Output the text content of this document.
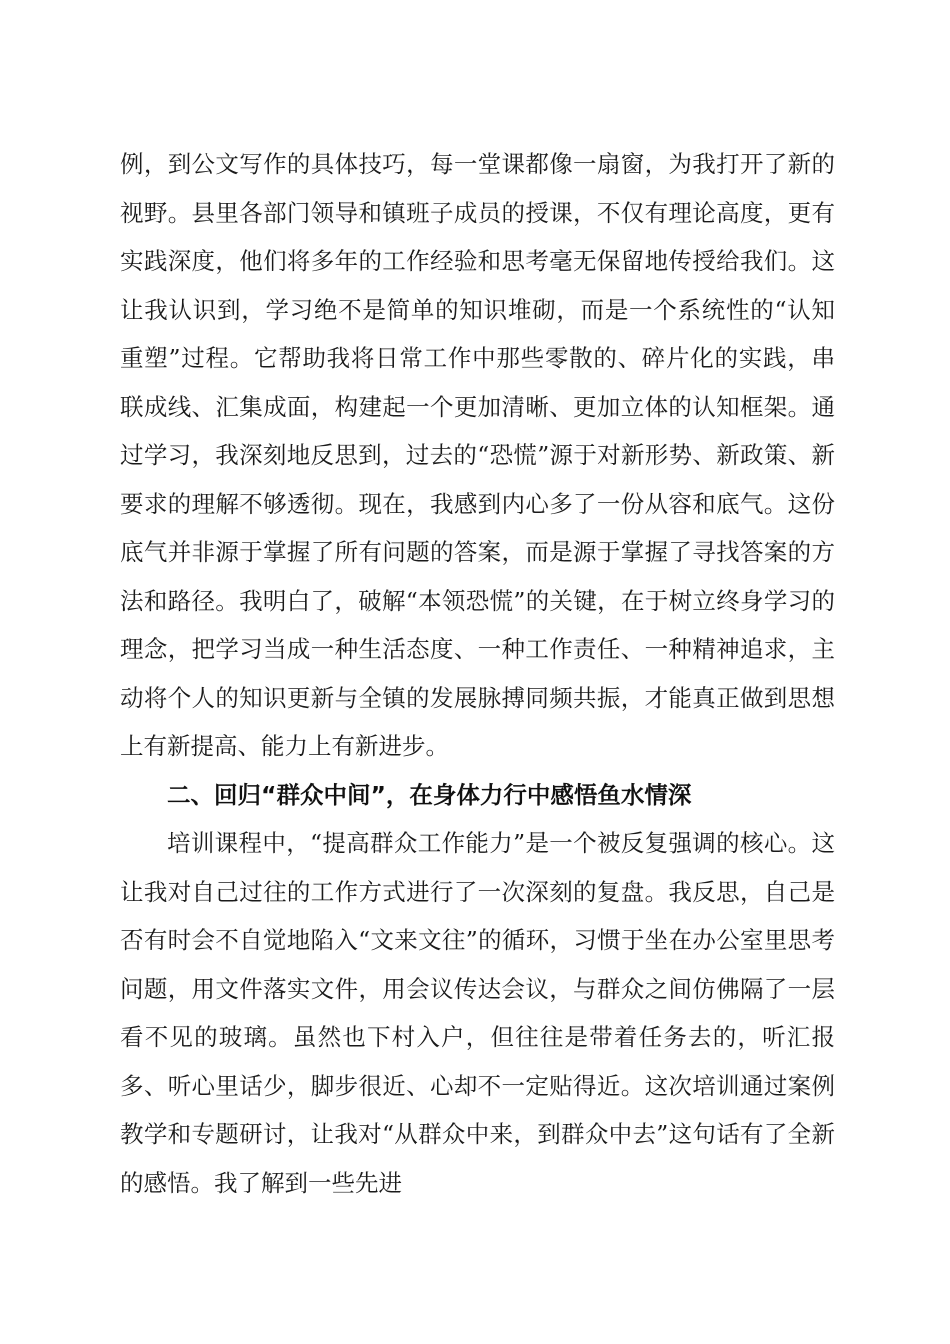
例，到公文写作的具体技巧，每一堂课都像一扇窗，为我打开了新的视野。县里各部门领导和镇班子成员的授课，不仅有理论高度，更有实践深度，他们将多年的工作经验和思考毫无保留地传授给我们。这让我认识到，学习绝不是简单的知识堆砌，而是一个系统性的“认知重塑”过程。它帮助我将日常工作中那些零散的、碎片化的实践，串联成线、汇集成面，构建起一个更加清晰、更加立体的认知框架。通过学习，我深刻地反思到，过去的“恐慌”源于对新形势、新政策、新要求的理解不够透彻。现在，我感到内心多了一份从容和底气。这份底气并非源于掌握了所有问题的答案，而是源于掌握了寻找答案的方法和路径。我明白了，破解“本领恐慌”的关键，在于树立终身学习的理念，把学习当成一种生活态度、一种工作责任、一种精神追求，主动将个人的知识更新与全镇的发展脉搏同频共振，才能真正做到思想上有新提高、能力上有新进步。

二、回归“群众中间”，在身体力行中感悟鱼水情深

培训课程中，“提高群众工作能力”是一个被反复强调的核心。这让我对自己过往的工作方式进行了一次深刻的复盘。我反思，自己是否有时会不自觉地陷入“文来文往”的循环，习惯于坐在办公室里思考问题，用文件落实文件，用会议传达会议，与群众之间仿佛隔了一层看不见的玻璃。虽然也下村入户，但往往是带着任务去的，听汇报多、听心里话少，脚步很近、心却不一定贴得近。这次培训通过案例教学和专题研讨，让我对“从群众中来，到群众中去”这句话有了全新的感悟。我了解到一些先进
